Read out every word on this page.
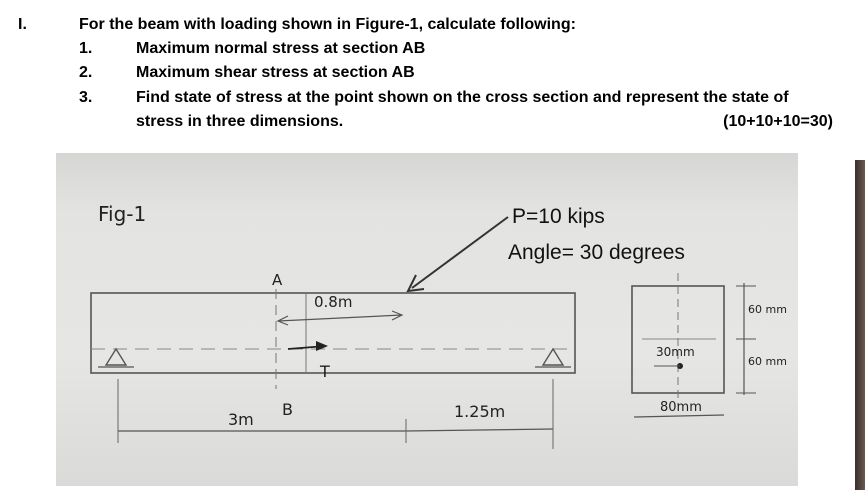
I.	For the beam with loading shown in Figure-1, calculate following:
1.	Maximum normal stress at section AB
2.	Maximum shear stress at section AB
3.	Find state of stress at the point shown on the cross section and represent the state of
stress in three dimensions.	(10+10+10=30)
Fig-1	P=10 kips
Angle= 30 degrees
A
B
0.8m
T
3m	1.25m
30mm
80mm
60 mm
60 mm
